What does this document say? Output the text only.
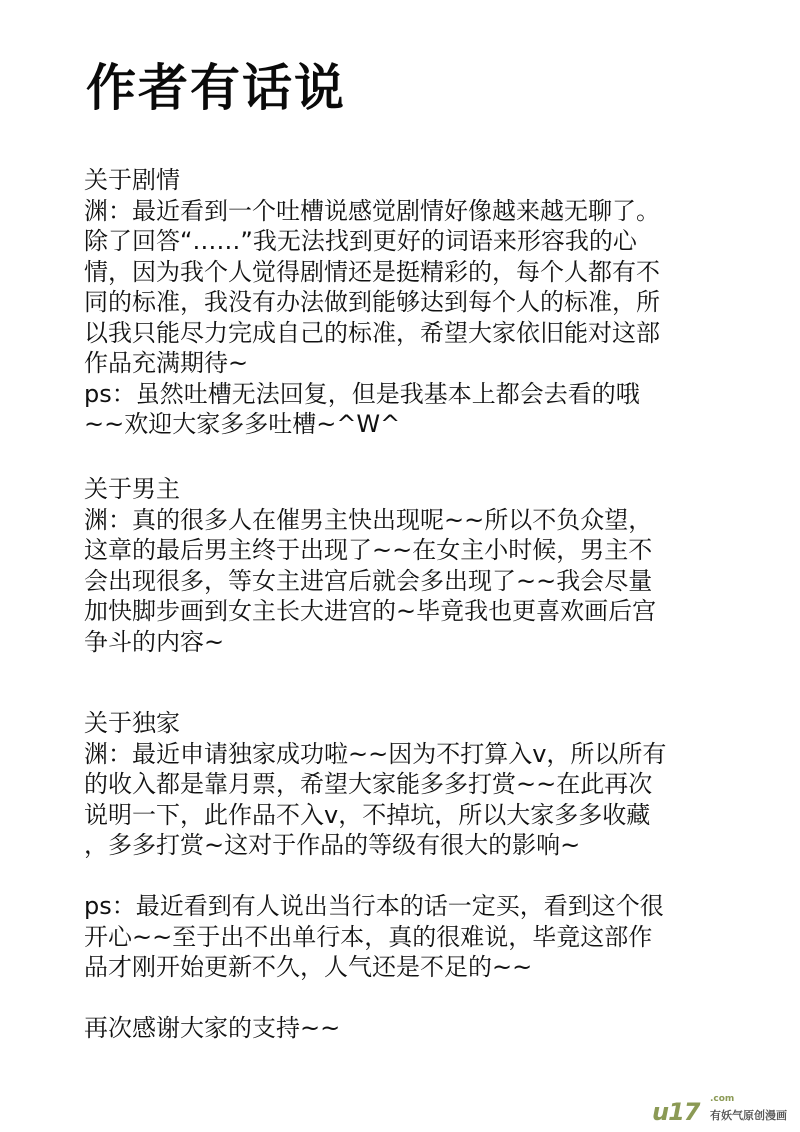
作者有话说
关于剧情
渊：最近看到一个吐槽说感觉剧情好像越来越无聊了。
除了回答“……”我无法找到更好的词语来形容我的心
情，因为我个人觉得剧情还是挺精彩的，每个人都有不
同的标准，我没有办法做到能够达到每个人的标准，所
以我只能尽力完成自己的标准，希望大家依旧能对这部
作品充满期待~
ps：虽然吐槽无法回复，但是我基本上都会去看的哦
~~欢迎大家多多吐槽~^W^
关于男主
渊：真的很多人在催男主快出现呢~~所以不负众望，
这章的最后男主终于出现了~~在女主小时候，男主不
会出现很多，等女主进宫后就会多出现了~~我会尽量
加快脚步画到女主长大进宫的~毕竟我也更喜欢画后宫
争斗的内容~
关于独家
渊：最近申请独家成功啦~~因为不打算入v，所以所有
的收入都是靠月票，希望大家能多多打赏~~在此再次
说明一下，此作品不入v，不掉坑，所以大家多多收藏
，多多打赏~这对于作品的等级有很大的影响~
ps：最近看到有人说出当行本的话一定买，看到这个很
开心~~至于出不出单行本，真的很难说，毕竟这部作
品才刚开始更新不久，人气还是不足的~~
再次感谢大家的支持~~
u17 .com
有妖气原创漫画
